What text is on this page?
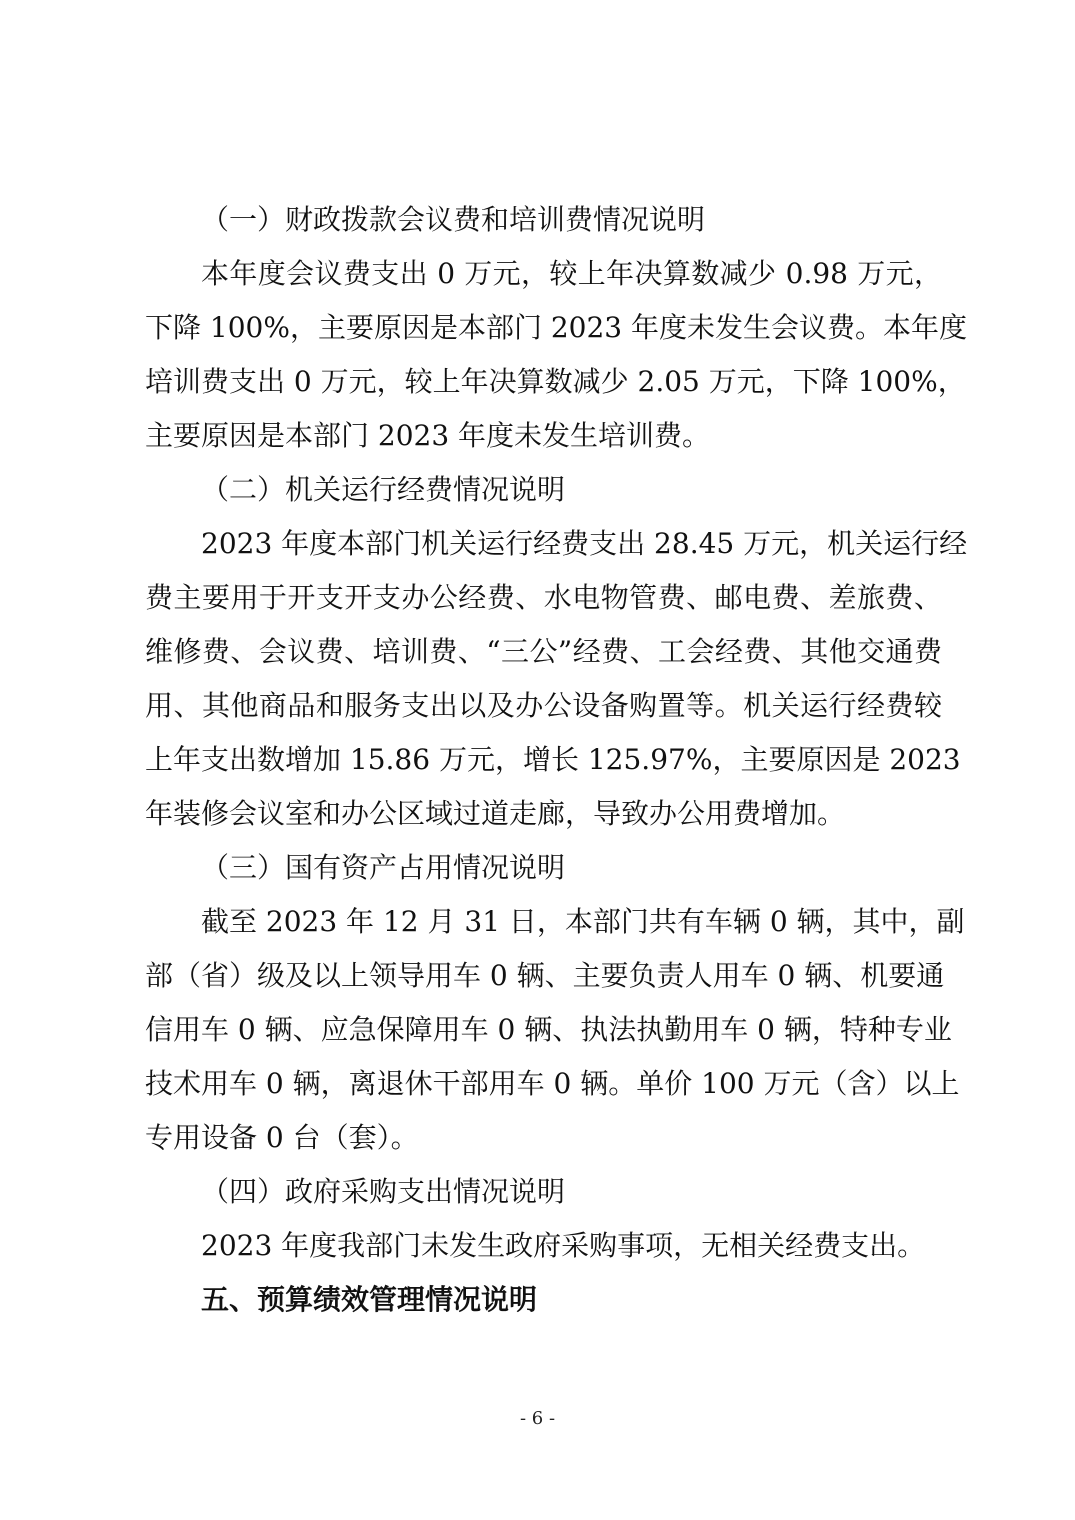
（一）财政拨款会议费和培训费情况说明
本年度会议费支出 0 万元，较上年决算数减少 0.98 万元，
下降 100%，主要原因是本部门 2023 年度未发生会议费。本年度
培训费支出 0 万元，较上年决算数减少 2.05 万元，下降 100%，
主要原因是本部门 2023 年度未发生培训费。
（二）机关运行经费情况说明
2023 年度本部门机关运行经费支出 28.45 万元，机关运行经
费主要用于开支开支办公经费、水电物管费、邮电费、差旅费、
维修费、会议费、培训费、“三公”经费、工会经费、其他交通费
用、其他商品和服务支出以及办公设备购置等。机关运行经费较
上年支出数增加 15.86 万元，增长 125.97%，主要原因是 2023
年装修会议室和办公区域过道走廊，导致办公用费增加。
（三）国有资产占用情况说明
截至 2023 年 12 月 31 日，本部门共有车辆 0 辆，其中，副
部（省）级及以上领导用车 0 辆、主要负责人用车 0 辆、机要通
信用车 0 辆、应急保障用车 0 辆、执法执勤用车 0 辆，特种专业
技术用车 0 辆，离退休干部用车 0 辆。单价 100 万元（含）以上
专用设备 0 台（套）。
（四）政府采购支出情况说明
2023 年度我部门未发生政府采购事项，无相关经费支出。
五、预算绩效管理情况说明
- 6 -
